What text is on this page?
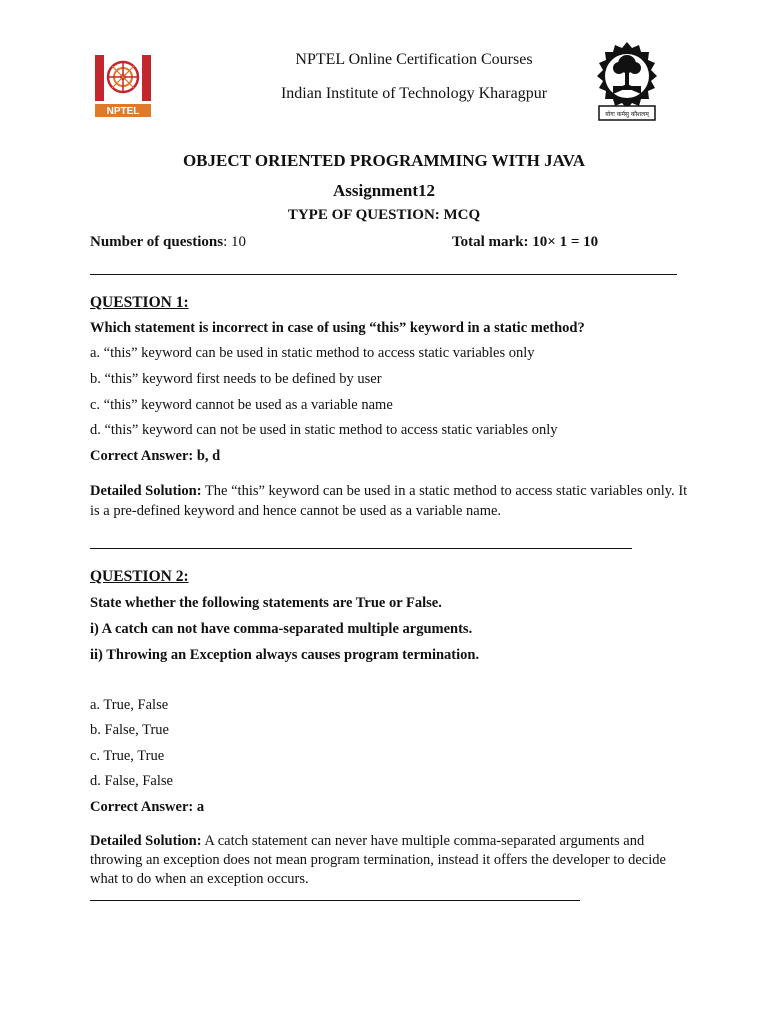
NPTEL	योगः कर्मसु कौशलम्
NPTEL Online Certification Courses
Indian Institute of Technology Kharagpur
OBJECT ORIENTED PROGRAMMING WITH JAVA
Assignment12
TYPE OF QUESTION: MCQ
Number of questions: 10	Total mark: 10× 1 = 10
QUESTION 1:
Which statement is incorrect in case of using “this” keyword in a static method?
a. “this” keyword can be used in static method to access static variables only
b. “this” keyword first needs to be defined by user
c. “this” keyword cannot be used as a variable name
d. “this” keyword can not be used in static method to access static variables only
Correct Answer: b, d
Detailed Solution: The “this” keyword can be used in a static method to access static variables only. It is a pre-defined keyword and hence cannot be used as a variable name.
QUESTION 2:
State whether the following statements are True or False.
i) A catch can not have comma-separated multiple arguments.
ii) Throwing an Exception always causes program termination.
a. True, False
b. False, True
c. True, True
d. False, False
Correct Answer: a
Detailed Solution: A catch statement can never have multiple comma-separated arguments and throwing an exception does not mean program termination, instead it offers the developer to decide what to do when an exception occurs.
